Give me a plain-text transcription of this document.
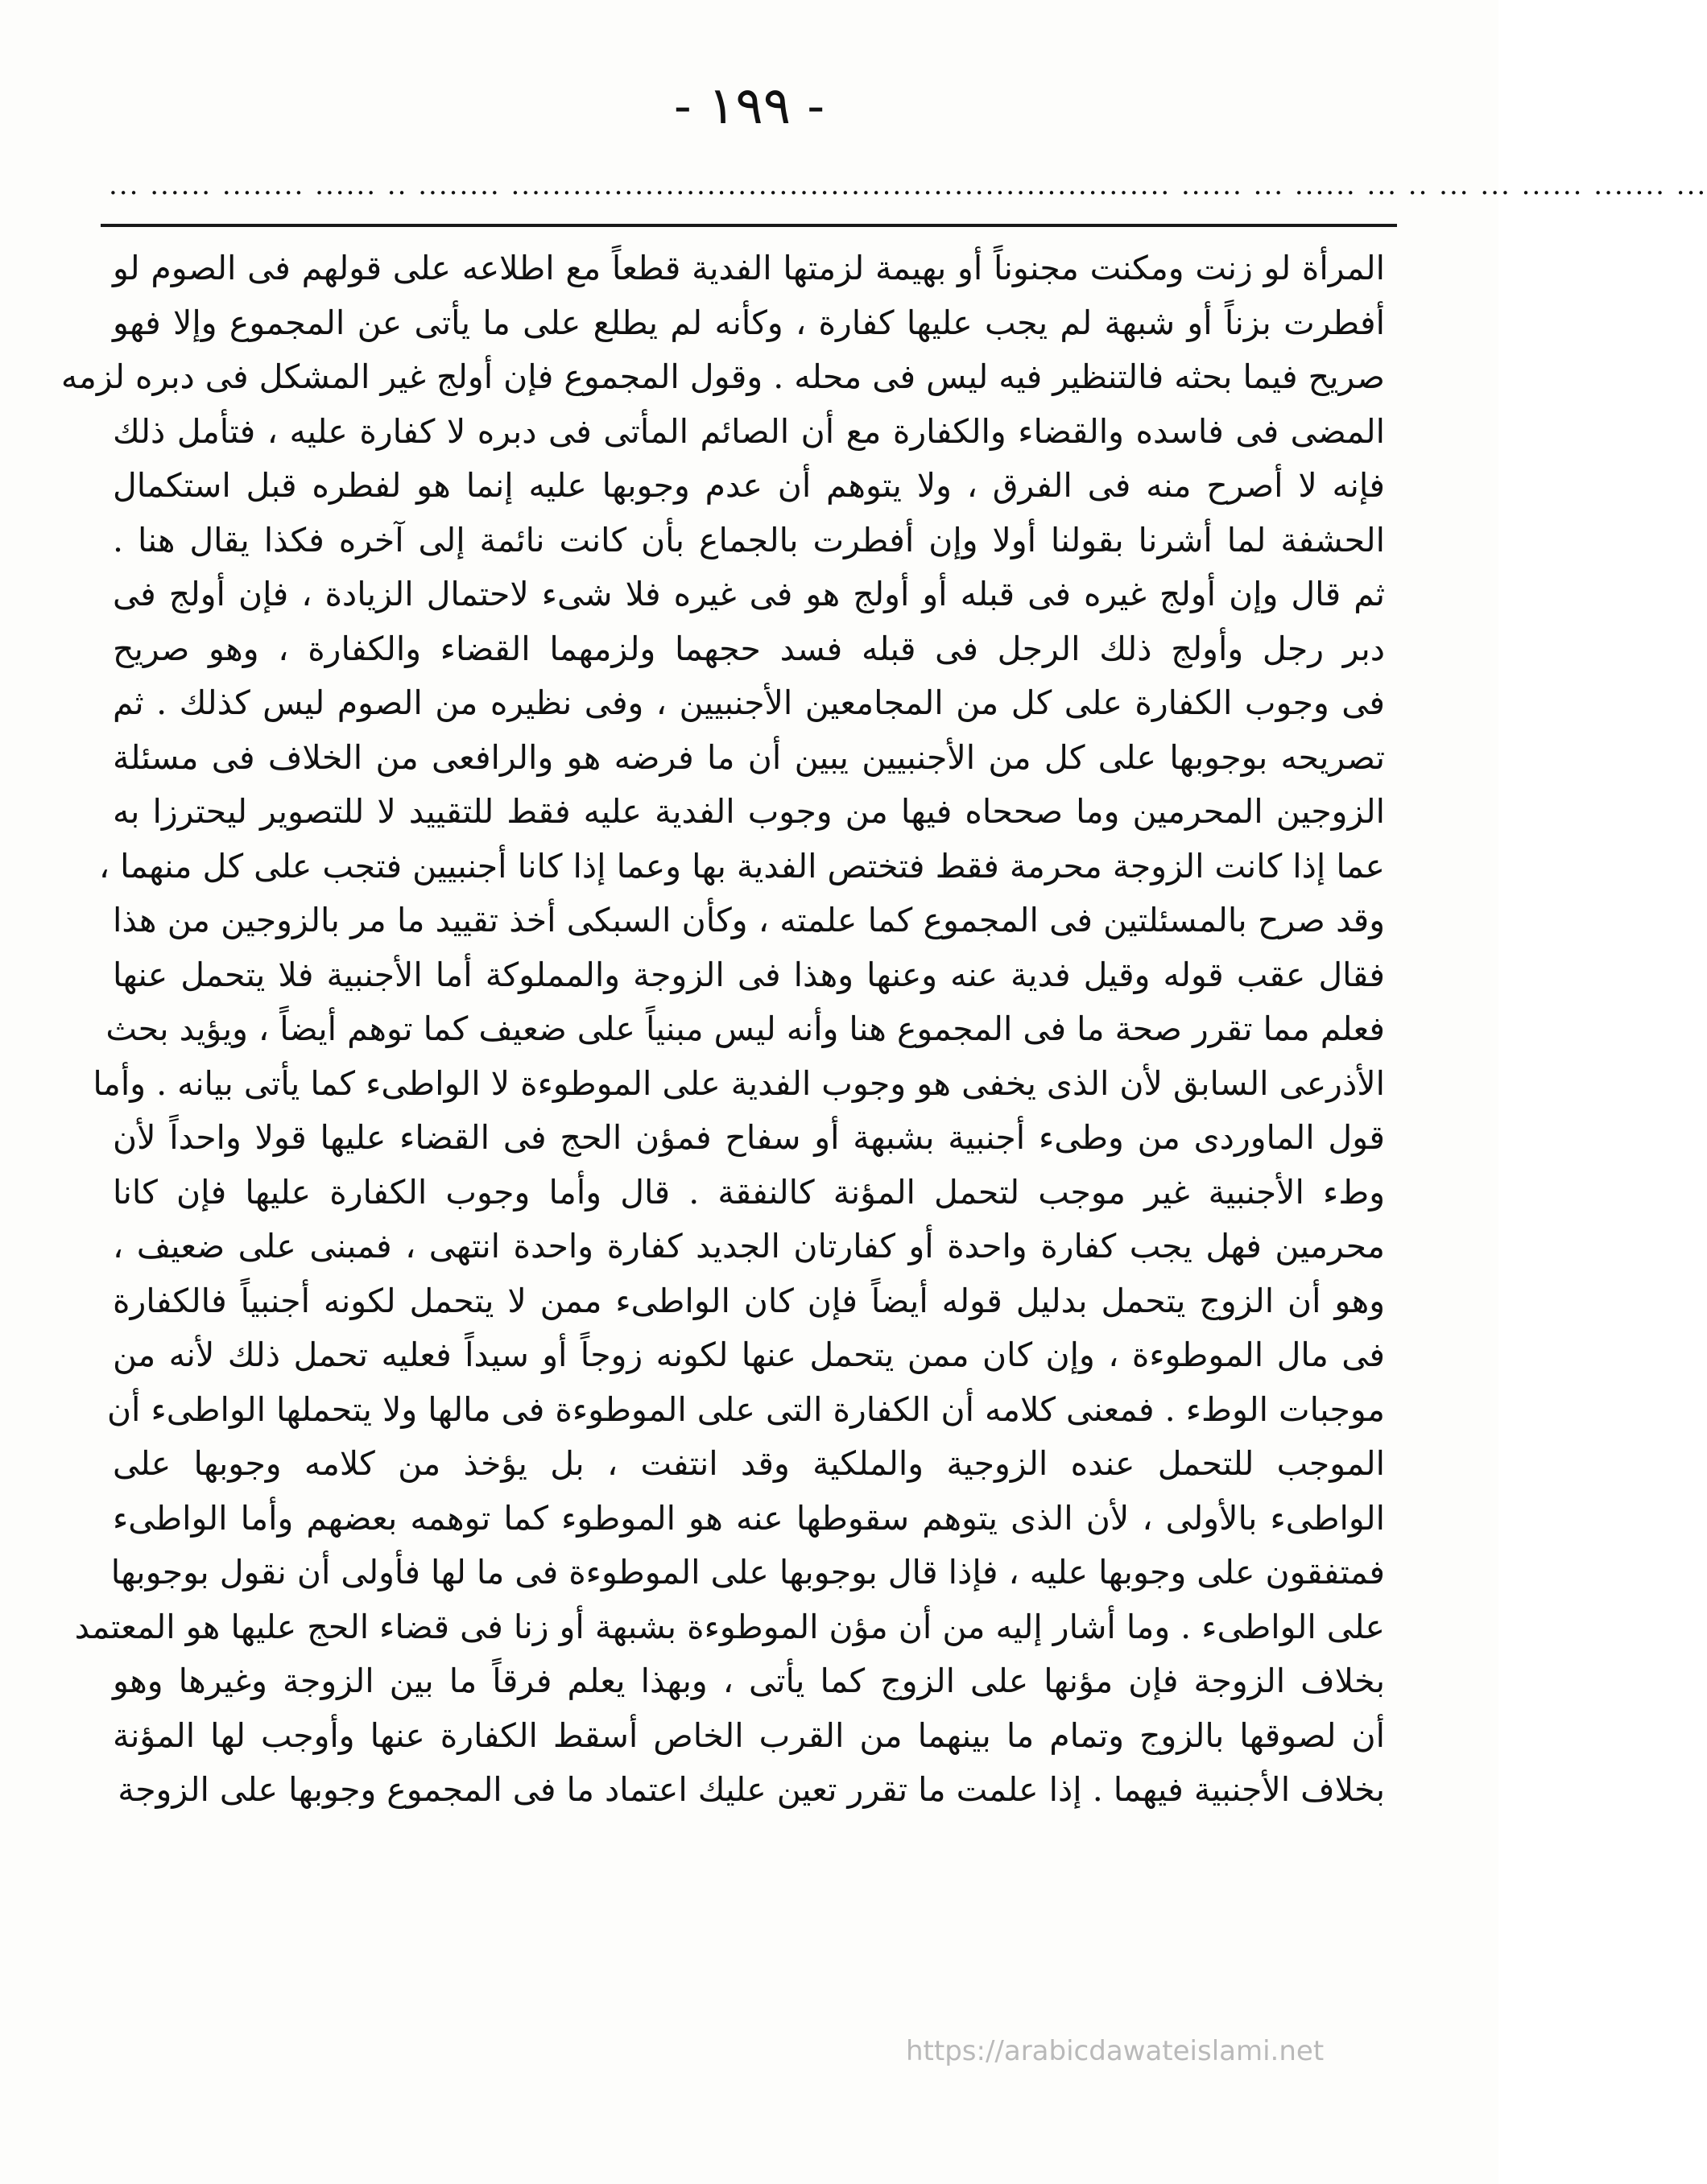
- ١٩٩ -
... ...... ........ ...... .. ........ ................................................................ ...... ... ...... ... .. ... ... ...... ....... ...
المرأة لو زنت ومكنت مجنوناً أو بهيمة لزمتها الفدية قطعاً مع اطلاعه على قولهم فى الصوم لو
أفطرت بزناً أو شبهة لم يجب عليها كفارة ، وكأنه لم يطلع على ما يأتى عن المجموع وإلا فهو
صريح فيما بحثه فالتنظير فيه ليس فى محله . وقول المجموع فإن أولج غير المشكل فى دبره لزمه
المضى فى فاسده والقضاء والكفارة مع أن الصائم المأتى فى دبره لا كفارة عليه ، فتأمل ذلك
فإنه لا أصرح منه فى الفرق ، ولا يتوهم أن عدم وجوبها عليه إنما هو لفطره قبل استكمال
الحشفة لما أشرنا بقولنا أولا وإن أفطرت بالجماع بأن كانت نائمة إلى آخره فكذا يقال هنا .
ثم قال وإن أولج غيره فى قبله أو أولج هو فى غيره فلا شىء لاحتمال الزيادة ، فإن أولج فى
دبر رجل وأولج ذلك الرجل فى قبله فسد حجهما ولزمهما القضاء والكفارة ، وهو صريح
فى وجوب الكفارة على كل من المجامعين الأجنبيين ، وفى نظيره من الصوم ليس كذلك . ثم
تصريحه بوجوبها على كل من الأجنبيين يبين أن ما فرضه هو والرافعى من الخلاف فى مسئلة
الزوجين المحرمين وما صححاه فيها من وجوب الفدية عليه فقط للتقييد لا للتصوير ليحترزا به
عما إذا كانت الزوجة محرمة فقط فتختص الفدية بها وعما إذا كانا أجنبيين فتجب على كل منهما ،
وقد صرح بالمسئلتين فى المجموع كما علمته ، وكأن السبكى أخذ تقييد ما مر بالزوجين من هذا
فقال عقب قوله وقيل فدية عنه وعنها وهذا فى الزوجة والمملوكة أما الأجنبية فلا يتحمل عنها
فعلم مما تقرر صحة ما فى المجموع هنا وأنه ليس مبنياً على ضعيف كما توهم أيضاً ، ويؤيد بحث
الأذرعى السابق لأن الذى يخفى هو وجوب الفدية على الموطوءة لا الواطىء كما يأتى بيانه . وأما
قول الماوردى من وطىء أجنبية بشبهة أو سفاح فمؤن الحج فى القضاء عليها قولا واحداً لأن
وطء الأجنبية غير موجب لتحمل المؤنة كالنفقة . قال وأما وجوب الكفارة عليها فإن كانا
محرمين فهل يجب كفارة واحدة أو كفارتان الجديد كفارة واحدة انتهى ، فمبنى على ضعيف ،
وهو أن الزوج يتحمل بدليل قوله أيضاً فإن كان الواطىء ممن لا يتحمل لكونه أجنبياً فالكفارة
فى مال الموطوءة ، وإن كان ممن يتحمل عنها لكونه زوجاً أو سيداً فعليه تحمل ذلك لأنه من
موجبات الوطء . فمعنى كلامه أن الكفارة التى على الموطوءة فى مالها ولا يتحملها الواطىء أن
الموجب للتحمل عنده الزوجية والملكية وقد انتفت ، بل يؤخذ من كلامه وجوبها على
الواطىء بالأولى ، لأن الذى يتوهم سقوطها عنه هو الموطوء كما توهمه بعضهم وأما الواطىء
فمتفقون على وجوبها عليه ، فإذا قال بوجوبها على الموطوءة فى ما لها فأولى أن نقول بوجوبها
على الواطىء . وما أشار إليه من أن مؤن الموطوءة بشبهة أو زنا فى قضاء الحج عليها هو المعتمد
بخلاف الزوجة فإن مؤنها على الزوج كما يأتى ، وبهذا يعلم فرقاً ما بين الزوجة وغيرها وهو
أن لصوقها بالزوج وتمام ما بينهما من القرب الخاص أسقط الكفارة عنها وأوجب لها المؤنة
بخلاف الأجنبية فيهما . إذا علمت ما تقرر تعين عليك اعتماد ما فى المجموع وجوبها على الزوجة
https://arabicdawateislami.net
